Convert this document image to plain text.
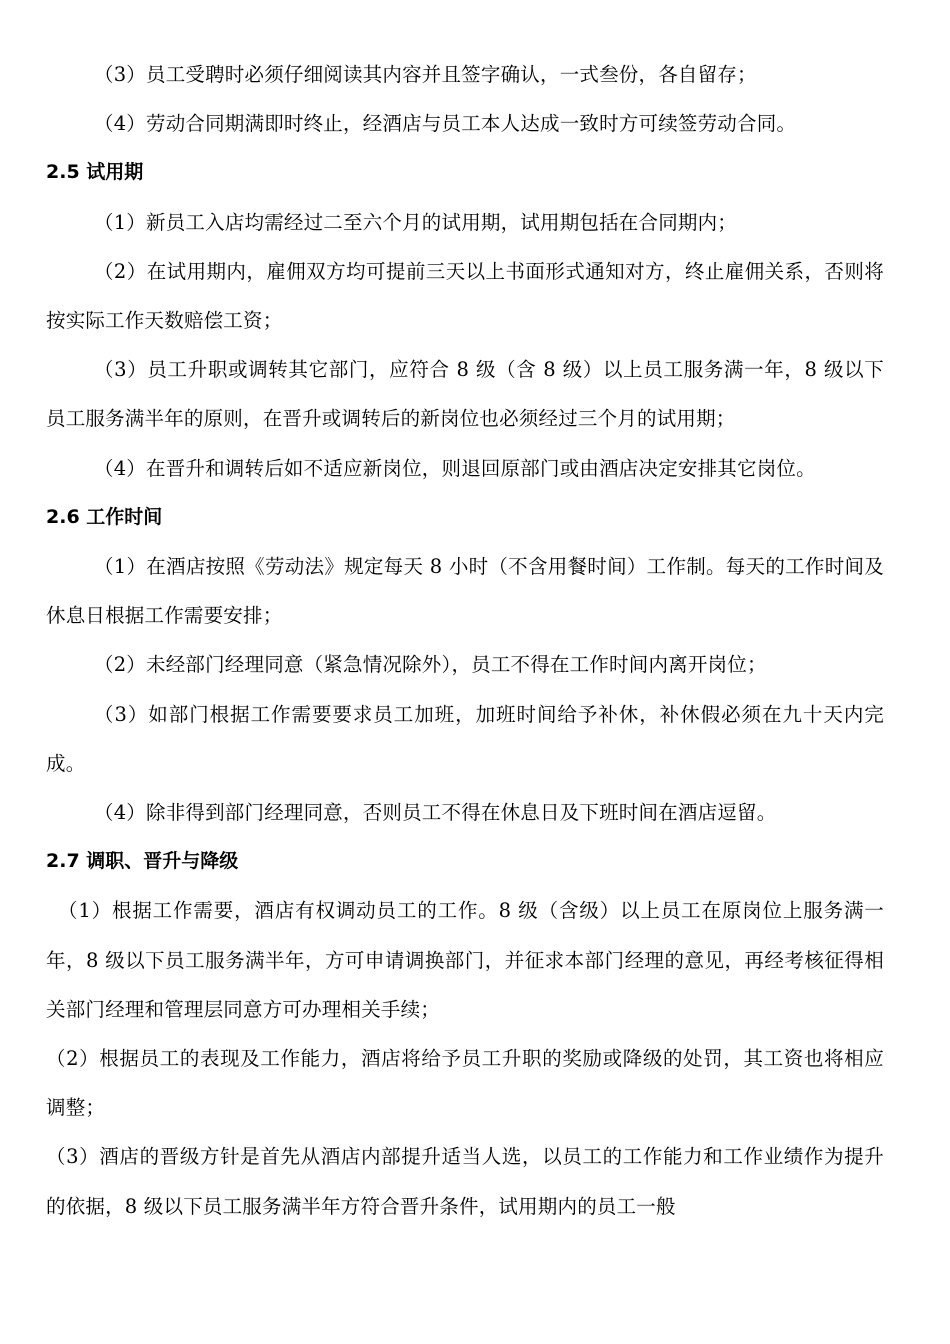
（3）员工受聘时必须仔细阅读其内容并且签字确认，一式叁份，各自留存；

（4）劳动合同期满即时终止，经酒店与员工本人达成一致时方可续签劳动合同。

2.5 试用期

（1）新员工入店均需经过二至六个月的试用期，试用期包括在合同期内；

（2）在试用期内，雇佣双方均可提前三天以上书面形式通知对方，终止雇佣关系，否则将按实际工作天数赔偿工资；

（3）员工升职或调转其它部门，应符合 8 级（含 8 级）以上员工服务满一年，8 级以下员工服务满半年的原则，在晋升或调转后的新岗位也必须经过三个月的试用期；

（4）在晋升和调转后如不适应新岗位，则退回原部门或由酒店决定安排其它岗位。

2.6 工作时间

（1）在酒店按照《劳动法》规定每天 8 小时（不含用餐时间）工作制。每天的工作时间及休息日根据工作需要安排；

（2）未经部门经理同意（紧急情况除外），员工不得在工作时间内离开岗位；

（3）如部门根据工作需要要求员工加班，加班时间给予补休，补休假必须在九十天内完成。

（4）除非得到部门经理同意，否则员工不得在休息日及下班时间在酒店逗留。

2.7 调职、晋升与降级

（1）根据工作需要，酒店有权调动员工的工作。8 级（含级）以上员工在原岗位上服务满一年，8 级以下员工服务满半年，方可申请调换部门，并征求本部门经理的意见，再经考核征得相关部门经理和管理层同意方可办理相关手续；

（2）根据员工的表现及工作能力，酒店将给予员工升职的奖励或降级的处罚，其工资也将相应调整；

（3）酒店的晋级方针是首先从酒店内部提升适当人选，以员工的工作能力和工作业绩作为提升的依据，8 级以下员工服务满半年方符合晋升条件，试用期内的员工一般
